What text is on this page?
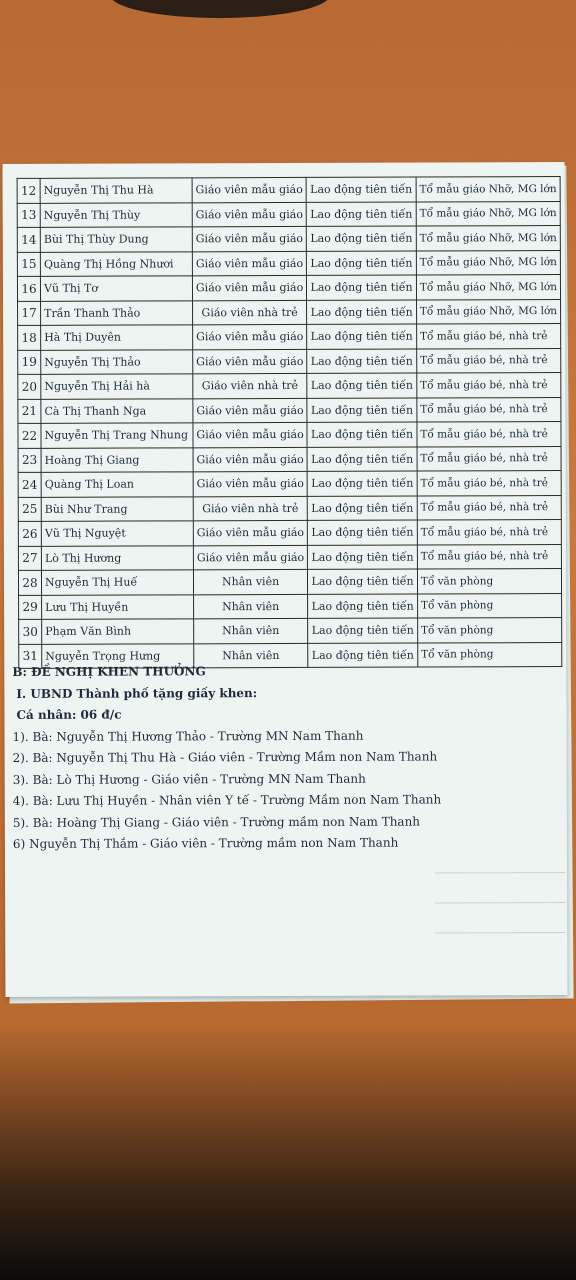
12	Nguyễn Thị Thu Hà	Giáo viên mẫu giáo	Lao động tiên tiến	Tổ mẫu giáo Nhỡ, MG lớn
13	Nguyễn Thị Thùy	Giáo viên mẫu giáo	Lao động tiên tiến	Tổ mẫu giáo Nhỡ, MG lớn
14	Bùi Thị Thùy Dung	Giáo viên mẫu giáo	Lao động tiên tiến	Tổ mẫu giáo Nhỡ, MG lớn
15	Quàng Thị Hồng Nhươi	Giáo viên mẫu giáo	Lao động tiên tiến	Tổ mẫu giáo Nhỡ, MG lớn
16	Vũ Thị Tơ	Giáo viên mẫu giáo	Lao động tiên tiến	Tổ mẫu giáo Nhỡ, MG lớn
17	Trần Thanh Thảo	Giáo viên nhà trẻ	Lao động tiên tiến	Tổ mẫu giáo Nhỡ, MG lớn
18	Hà Thị Duyên	Giáo viên mẫu giáo	Lao động tiên tiến	Tổ mẫu giáo bé, nhà trẻ
19	Nguyễn Thị Thảo	Giáo viên mẫu giáo	Lao động tiên tiến	Tổ mẫu giáo bé, nhà trẻ
20	Nguyễn Thị Hải hà	Giáo viên nhà trẻ	Lao động tiên tiến	Tổ mẫu giáo bé, nhà trẻ
21	Cà Thị Thanh Nga	Giáo viên mẫu giáo	Lao động tiên tiến	Tổ mẫu giáo bé, nhà trẻ
22	Nguyễn Thị Trang Nhung	Giáo viên mẫu giáo	Lao động tiên tiến	Tổ mẫu giáo bé, nhà trẻ
23	Hoàng Thị Giang	Giáo viên mẫu giáo	Lao động tiên tiến	Tổ mẫu giáo bé, nhà trẻ
24	Quàng Thị Loan	Giáo viên mẫu giáo	Lao động tiên tiến	Tổ mẫu giáo bé, nhà trẻ
25	Bùi Như Trang	Giáo viên nhà trẻ	Lao động tiên tiến	Tổ mẫu giáo bé, nhà trẻ
26	Vũ Thị Nguyệt	Giáo viên mẫu giáo	Lao động tiên tiến	Tổ mẫu giáo bé, nhà trẻ
27	Lò Thị Hương	Giáo viên mẫu giáo	Lao động tiên tiến	Tổ mẫu giáo bé, nhà trẻ
28	Nguyễn Thị Huế	Nhân viên	Lao động tiên tiến	Tổ văn phòng
29	Lưu Thị Huyền	Nhân viên	Lao động tiên tiến	Tổ văn phòng
30	Phạm Văn Bình	Nhân viên	Lao động tiên tiến	Tổ văn phòng
31	Nguyễn Trọng Hưng	Nhân viên	Lao động tiên tiến	Tổ văn phòng
B: ĐỀ NGHỊ KHEN THƯỞNG
I. UBND Thành phố tặng giấy khen:
Cá nhân: 06 đ/c
1). Bà: Nguyễn Thị Hương Thảo - Trường MN Nam Thanh
2). Bà: Nguyễn Thị Thu Hà - Giáo viên - Trường Mầm non Nam Thanh
3). Bà: Lò Thị Hương - Giáo viên - Trường MN Nam Thanh
4). Bà: Lưu Thị Huyền - Nhân viên Y tế - Trường Mầm non Nam Thanh
5). Bà: Hoàng Thị Giang - Giáo viên - Trường mầm non Nam Thanh
6) Nguyễn Thị Thắm - Giáo viên - Trường mầm non Nam Thanh
